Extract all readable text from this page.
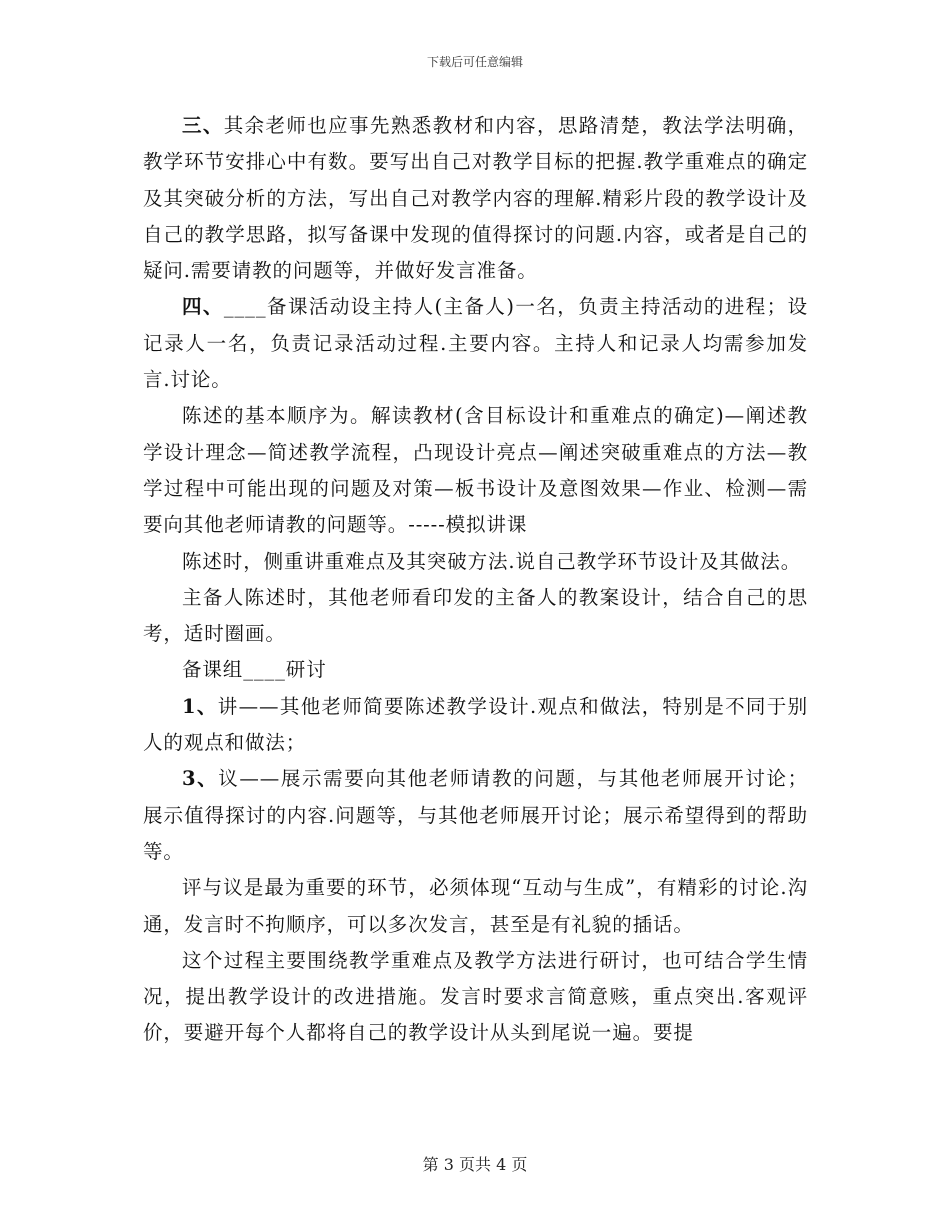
下载后可任意编辑

三、其余老师也应事先熟悉教材和内容，思路清楚，教法学法明确，教学环节安排心中有数。要写出自己对教学目标的把握.教学重难点的确定及其突破分析的方法，写出自己对教学内容的理解.精彩片段的教学设计及自己的教学思路，拟写备课中发现的值得探讨的问题.内容，或者是自己的疑问.需要请教的问题等，并做好发言准备。

四、____备课活动设主持人(主备人)一名，负责主持活动的进程；设记录人一名，负责记录活动过程.主要内容。主持人和记录人均需参加发言.讨论。

陈述的基本顺序为。解读教材(含目标设计和重难点的确定)—阐述教学设计理念—简述教学流程，凸现设计亮点—阐述突破重难点的方法—教学过程中可能出现的问题及对策—板书设计及意图效果—作业、检测—需要向其他老师请教的问题等。-----模拟讲课

陈述时，侧重讲重难点及其突破方法.说自己教学环节设计及其做法。

主备人陈述时，其他老师看印发的主备人的教案设计，结合自己的思考，适时圈画。

备课组____研讨

1、讲——其他老师简要陈述教学设计.观点和做法，特别是不同于别人的观点和做法；

3、议——展示需要向其他老师请教的问题，与其他老师展开讨论；展示值得探讨的内容.问题等，与其他老师展开讨论；展示希望得到的帮助等。

评与议是最为重要的环节，必须体现“互动与生成”，有精彩的讨论.沟通，发言时不拘顺序，可以多次发言，甚至是有礼貌的插话。

这个过程主要围绕教学重难点及教学方法进行研讨，也可结合学生情况，提出教学设计的改进措施。发言时要求言简意赅，重点突出.客观评价，要避开每个人都将自己的教学设计从头到尾说一遍。要提

第 3 页共 4 页
